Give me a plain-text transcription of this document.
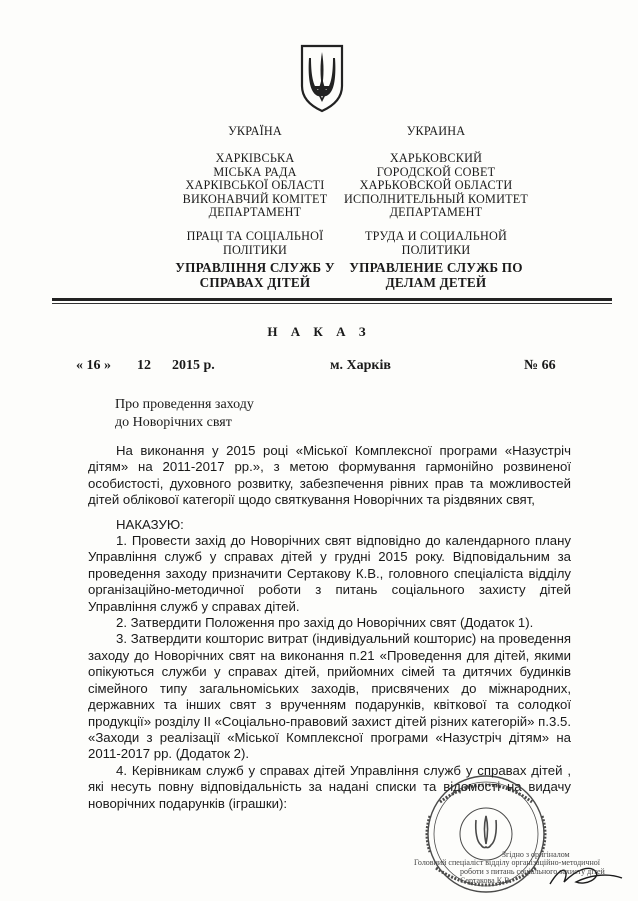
УКРАЇНА
ХАРКІВСЬКА
МІСЬКА РАДА
ХАРКІВСЬКОЇ ОБЛАСТІ
ВИКОНАВЧИЙ КОМІТЕТ
ДЕПАРТАМЕНТ
ПРАЦІ ТА СОЦІАЛЬНОЇ
ПОЛІТИКИ
УПРАВЛІННЯ СЛУЖБ У
СПРАВАХ ДІТЕЙ
УКРАИНА
ХАРЬКОВСКИЙ
ГОРОДСКОЙ СОВЕТ
ХАРЬКОВСКОЙ ОБЛАСТИ
ИСПОЛНИТЕЛЬНЫЙ КОМИТЕТ
ДЕПАРТАМЕНТ
ТРУДА И СОЦИАЛЬНОЙ
ПОЛИТИКИ
УПРАВЛЕНИЕ СЛУЖБ ПО
ДЕЛАМ ДЕТЕЙ
Н А К А З
« 16 » 12 2015 р.	м. Харків	№ 66
Про проведення заходу
до Новорічних свят

На виконання у 2015 році «Міської Комплексної програми «Назустріч дітям» на 2011-2017 рр.», з метою формування гармонійно розвиненої особистості, духовного розвитку, забезпечення рівних прав та можливостей дітей облікової категорії щодо святкування Новорічних та різдвяних свят,

НАКАЗУЮ:

1. Провести захід до Новорічних свят відповідно до календарного плану Управління служб у справах дітей у грудні 2015 року. Відповідальним за проведення заходу призначити Сертакову К.В., головного спеціаліста відділу організаційно-методичної роботи з питань соціального захисту дітей Управління служб у справах дітей.

2. Затвердити Положення про захід до Новорічних свят (Додаток 1).

3. Затвердити кошторис витрат (індивідуальний кошторис) на проведення заходу до Новорічних свят на виконання п.21 «Проведення для дітей, якими опікуються служби у справах дітей, прийомних сімей та дитячих будинків сімейного типу загальноміських заходів, присвячених до міжнародних, державних та інших свят з врученням подарунків, квіткової та солодкої продукції» розділу II «Соціально-правовий захист дітей різних категорій» п.3.5. «Заходи з реалізації «Міської Комплексної програми «Назустріч дітям» на 2011-2017 рр. (Додаток 2).

4. Керівникам служб у справах дітей Управління служб у справах дітей , які несуть повну відповідальність за надані списки та відомості на видачу новорічних подарунків (іграшки):

Згідно з оригіналом
Головний спеціаліст відділу організаційно-методичної
роботи з питань соціального захисту дітей
Сертакова К.В.
